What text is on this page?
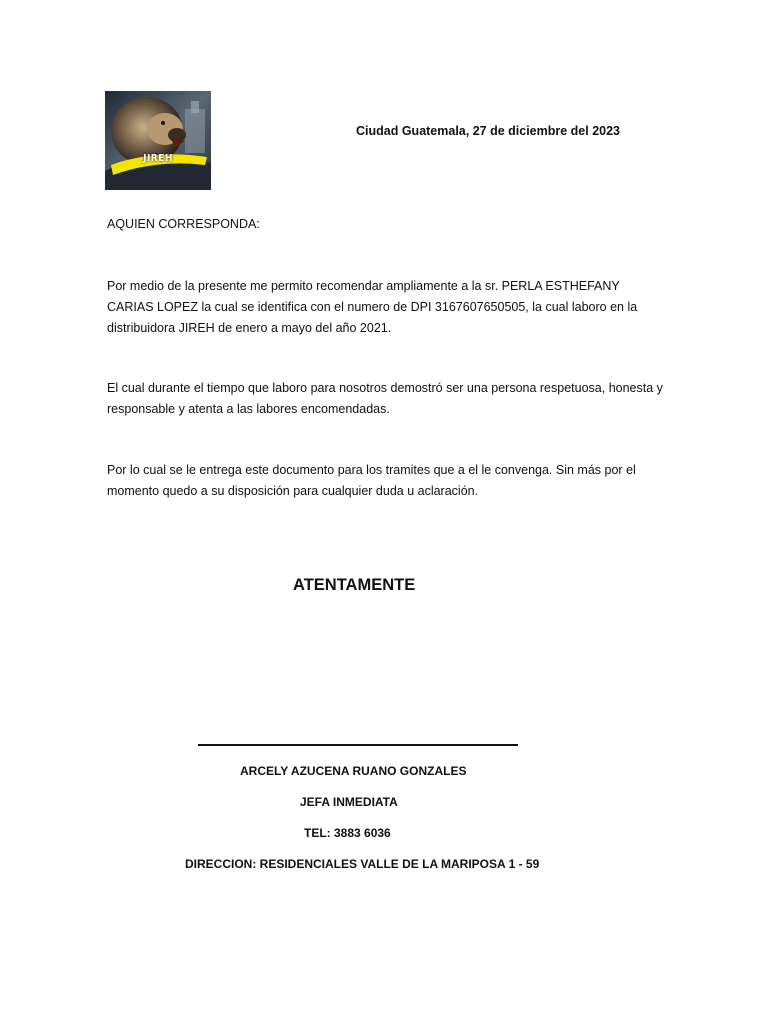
JIREH
Ciudad Guatemala, 27 de diciembre del 2023
AQUIEN CORRESPONDA:

Por medio de la presente me permito recomendar ampliamente a la sr. PERLA ESTHEFANY CARIAS LOPEZ la cual se identifica con el numero de DPI 3167607650505, la cual laboro en la distribuidora JIREH de enero a mayo del año 2021.

El cual durante el tiempo que laboro para nosotros demostró ser una persona respetuosa, honesta y responsable y atenta a las labores encomendadas.

Por lo cual se le entrega este documento para los tramites que a el le convenga. Sin más por el momento quedo a su disposición para cualquier duda u aclaración.

ATENTAMENTE
ARCELY AZUCENA RUANO GONZALES
JEFA INMEDIATA
TEL: 3883 6036
DIRECCION: RESIDENCIALES VALLE DE LA MARIPOSA 1 - 59
